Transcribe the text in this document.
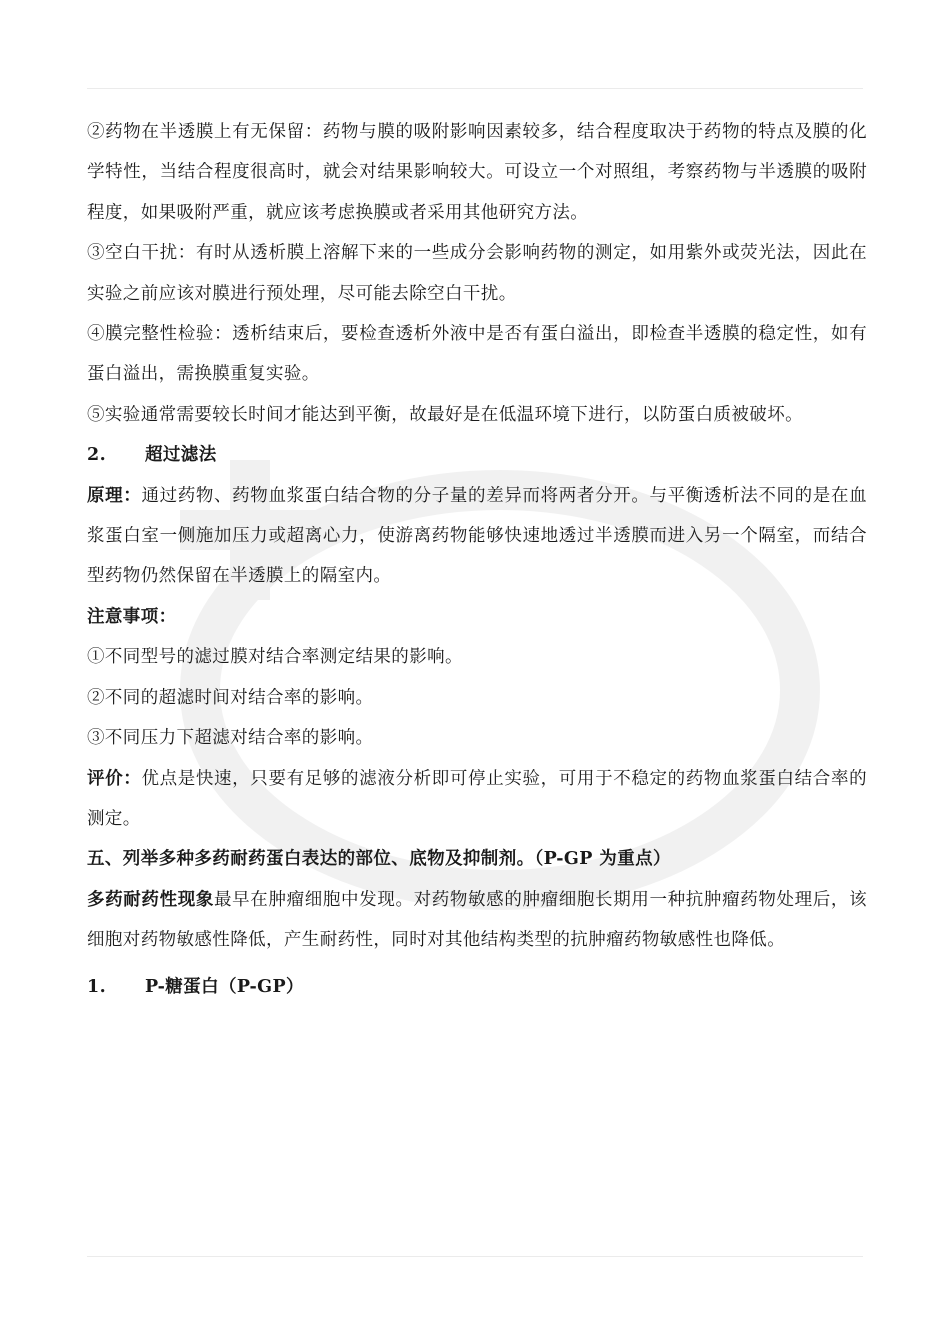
②药物在半透膜上有无保留：药物与膜的吸附影响因素较多，结合程度取决于药物的特点及膜的化学特性，当结合程度很高时，就会对结果影响较大。可设立一个对照组，考察药物与半透膜的吸附程度，如果吸附严重，就应该考虑换膜或者采用其他研究方法。

③空白干扰：有时从透析膜上溶解下来的一些成分会影响药物的测定，如用紫外或荧光法，因此在实验之前应该对膜进行预处理，尽可能去除空白干扰。

④膜完整性检验：透析结束后，要检查透析外液中是否有蛋白溢出，即检查半透膜的稳定性，如有蛋白溢出，需换膜重复实验。

⑤实验通常需要较长时间才能达到平衡，故最好是在低温环境下进行，以防蛋白质被破坏。

2. 超过滤法

原理：通过药物、药物血浆蛋白结合物的分子量的差异而将两者分开。与平衡透析法不同的是在血浆蛋白室一侧施加压力或超离心力，使游离药物能够快速地透过半透膜而进入另一个隔室，而结合型药物仍然保留在半透膜上的隔室内。

注意事项：

①不同型号的滤过膜对结合率测定结果的影响。

②不同的超滤时间对结合率的影响。

③不同压力下超滤对结合率的影响。

评价：优点是快速，只要有足够的滤液分析即可停止实验，可用于不稳定的药物血浆蛋白结合率的测定。

五、列举多种多药耐药蛋白表达的部位、底物及抑制剂。（P-GP 为重点）

多药耐药性现象最早在肿瘤细胞中发现。对药物敏感的肿瘤细胞长期用一种抗肿瘤药物处理后，该细胞对药物敏感性降低，产生耐药性，同时对其他结构类型的抗肿瘤药物敏感性也降低。

1. P-糖蛋白（P-GP）
